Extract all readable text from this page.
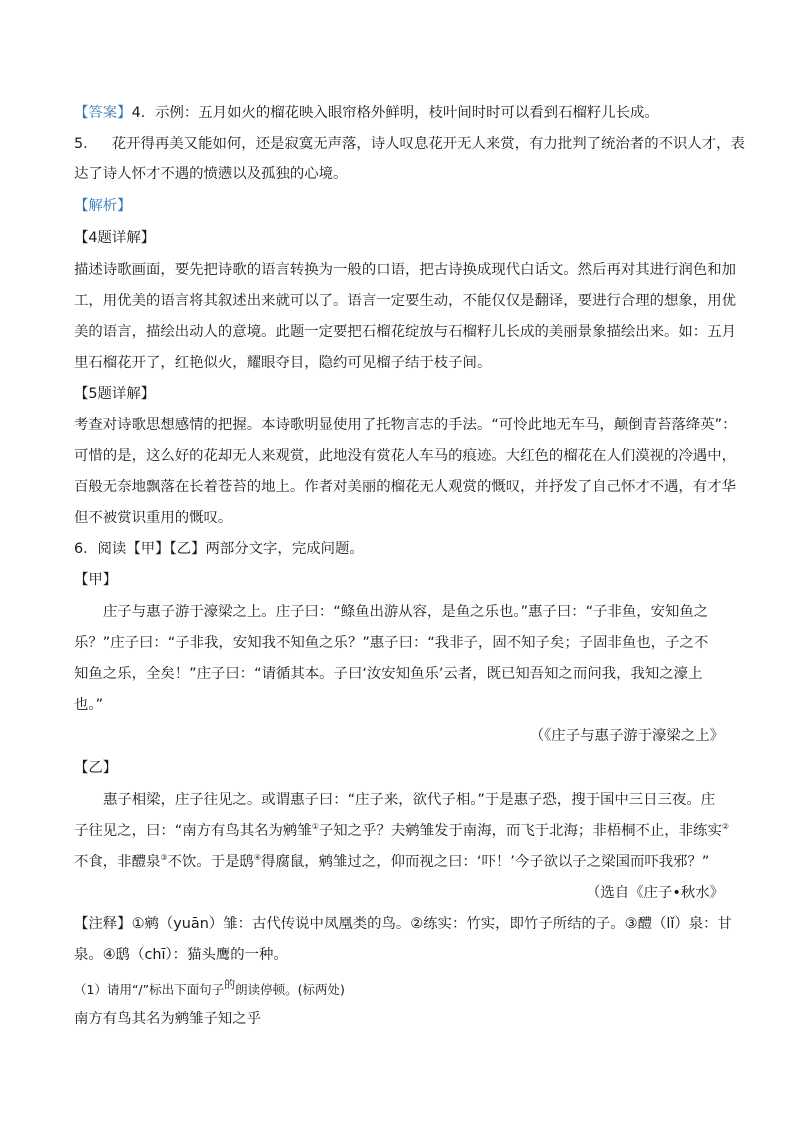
【答案】4．示例：五月如火的榴花映入眼帘格外鲜明，枝叶间时时可以看到石榴籽儿长成。
5. 花开得再美又能如何，还是寂寞无声落，诗人叹息花开无人来赏，有力批判了统治者的不识人才，表
达了诗人怀才不遇的愤懑以及孤独的心境。
【解析】
【4题详解】
描述诗歌画面，要先把诗歌的语言转换为一般的口语，把古诗换成现代白话文。然后再对其进行润色和加
工，用优美的语言将其叙述出来就可以了。语言一定要生动，不能仅仅是翻译，要进行合理的想象，用优
美的语言，描绘出动人的意境。此题一定要把石榴花绽放与石榴籽儿长成的美丽景象描绘出来。如：五月
里石榴花开了，红艳似火，耀眼夺目，隐约可见榴子结于枝子间。
【5题详解】
考查对诗歌思想感情的把握。本诗歌明显使用了托物言志的手法。“可怜此地无车马，颠倒青苔落绛英”：
可惜的是，这么好的花却无人来观赏，此地没有赏花人车马的痕迹。大红色的榴花在人们漠视的冷遇中，
百般无奈地飘落在长着苍苔的地上。作者对美丽的榴花无人观赏的慨叹，并抒发了自己怀才不遇，有才华
但不被赏识重用的慨叹。
6．阅读【甲】【乙】两部分文字，完成问题。
【甲】
庄子与惠子游于濠梁之上。庄子曰：“鲦鱼出游从容，是鱼之乐也。”惠子曰：“子非鱼，安知鱼之
乐？”庄子曰：“子非我，安知我不知鱼之乐？”惠子曰：“我非子，固不知子矣；子固非鱼也，子之不
知鱼之乐，全矣！”庄子曰：“请循其本。子曰‘汝安知鱼乐’云者，既已知吾知之而问我，我知之濠上
也。”
（《庄子与惠子游于濠梁之上》
【乙】
惠子相梁，庄子往见之。或谓惠子曰：“庄子来，欲代子相。”于是惠子恐，搜于国中三日三夜。庄
子往见之，曰：“南方有鸟其名为鹓雏①子知之乎？夫鹓雏发于南海，而飞于北海；非梧桐不止，非练实②
不食，非醴泉③不饮。于是鸱④得腐鼠，鹓雏过之，仰而视之曰：‘吓！’今子欲以子之梁国而吓我邪？”
（选自《庄子•秋水》
【注释】①鹓（yuān）雏：古代传说中凤凰类的鸟。②练实：竹实，即竹子所结的子。③醴（lǐ）泉：甘
泉。④鸱（chī）：猫头鹰的一种。
（1）请用“/”标出下面句子的朗读停顿。(标两处)
南方有鸟其名为鹓雏子知之乎
